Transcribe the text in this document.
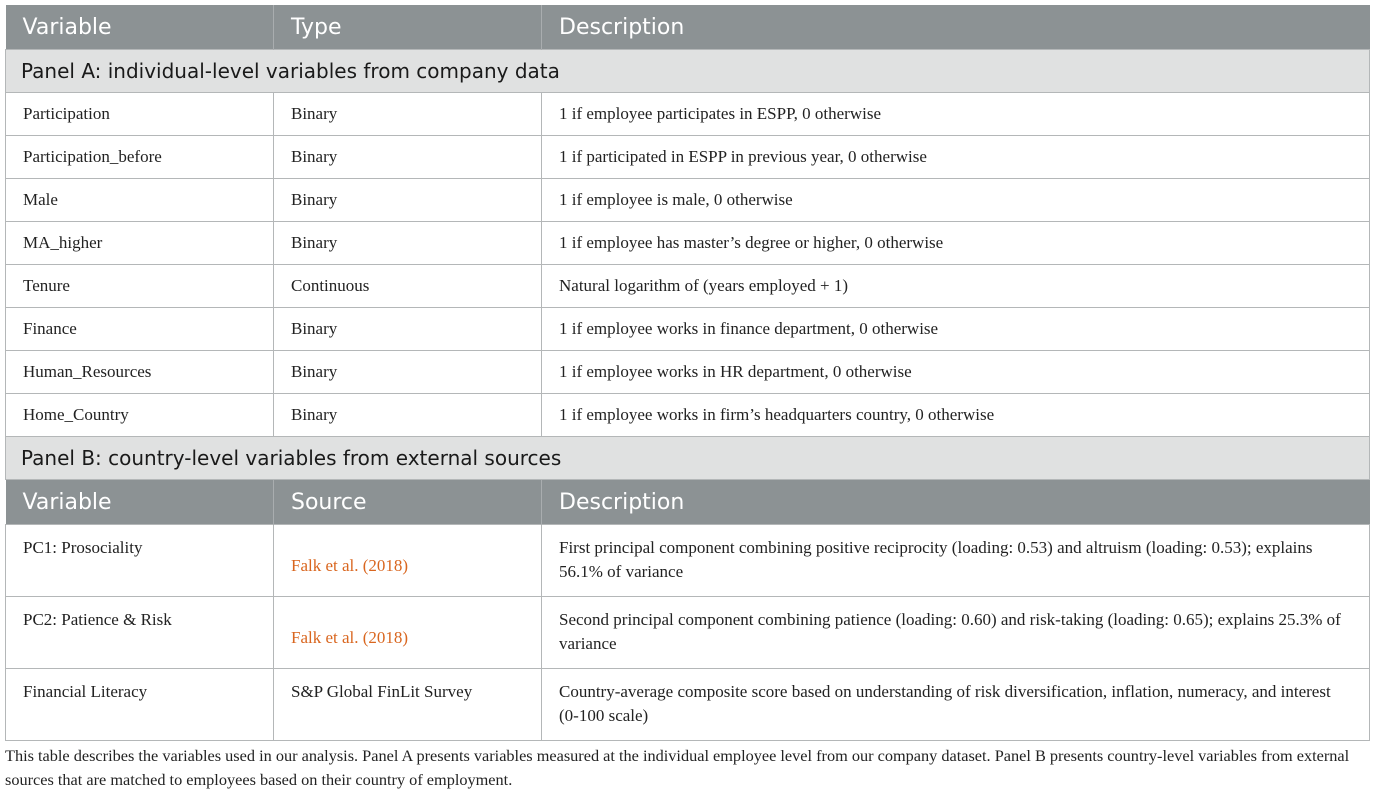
Variable	Type	Description
Panel A: individual-level variables from company data		
Participation	Binary	1 if employee participates in ESPP, 0 otherwise
Participation_before	Binary	1 if participated in ESPP in previous year, 0 otherwise
Male	Binary	1 if employee is male, 0 otherwise
MA_higher	Binary	1 if employee has master’s degree or higher, 0 otherwise
Tenure	Continuous	Natural logarithm of (years employed + 1)
Finance	Binary	1 if employee works in finance department, 0 otherwise
Human_Resources	Binary	1 if employee works in HR department, 0 otherwise
Home_Country	Binary	1 if employee works in firm’s headquarters country, 0 otherwise
Panel B: country-level variables from external sources		
Variable	Source	Description
PC1: Prosociality	Falk et al. (2018)	First principal component combining positive reciprocity (loading: 0.53) and altruism (loading: 0.53); explains 56.1% of variance
PC2: Patience & Risk	Falk et al. (2018)	Second principal component combining patience (loading: 0.60) and risk-taking (loading: 0.65); explains 25.3% of variance
Financial Literacy	S&P Global FinLit Survey	Country-average composite score based on understanding of risk diversification, inflation, numeracy, and interest (0-100 scale)
This table describes the variables used in our analysis. Panel A presents variables measured at the individual employee level from our company dataset. Panel B presents country-level variables from external sources that are matched to employees based on their country of employment.
